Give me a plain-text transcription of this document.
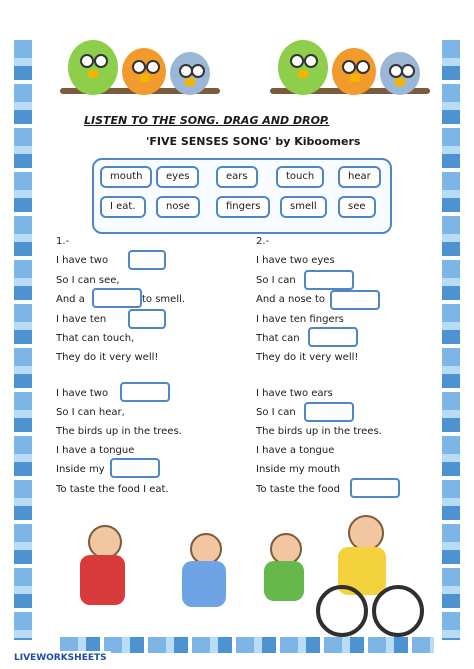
LISTEN TO THE SONG. DRAG AND DROP.
'FIVE SENSES SONG' by Kiboomers
mouth	eyes	ears	touch	hear
I eat.	nose	fingers	smell	see
1.-
I have two
So I can see,
And a	to smell.
I have ten
That can touch,
They do it very well!
2.-
I have two eyes
So I can
And a nose to
I have ten fingers
That can
They do it very well!
I have two
So I can hear,
The birds up in the trees.
I have a tongue
Inside my
To taste the food I eat.
I have two ears
So I can
The birds up in the trees.
I have a tongue
Inside my mouth
To taste the food
LIVEWORKSHEETS
